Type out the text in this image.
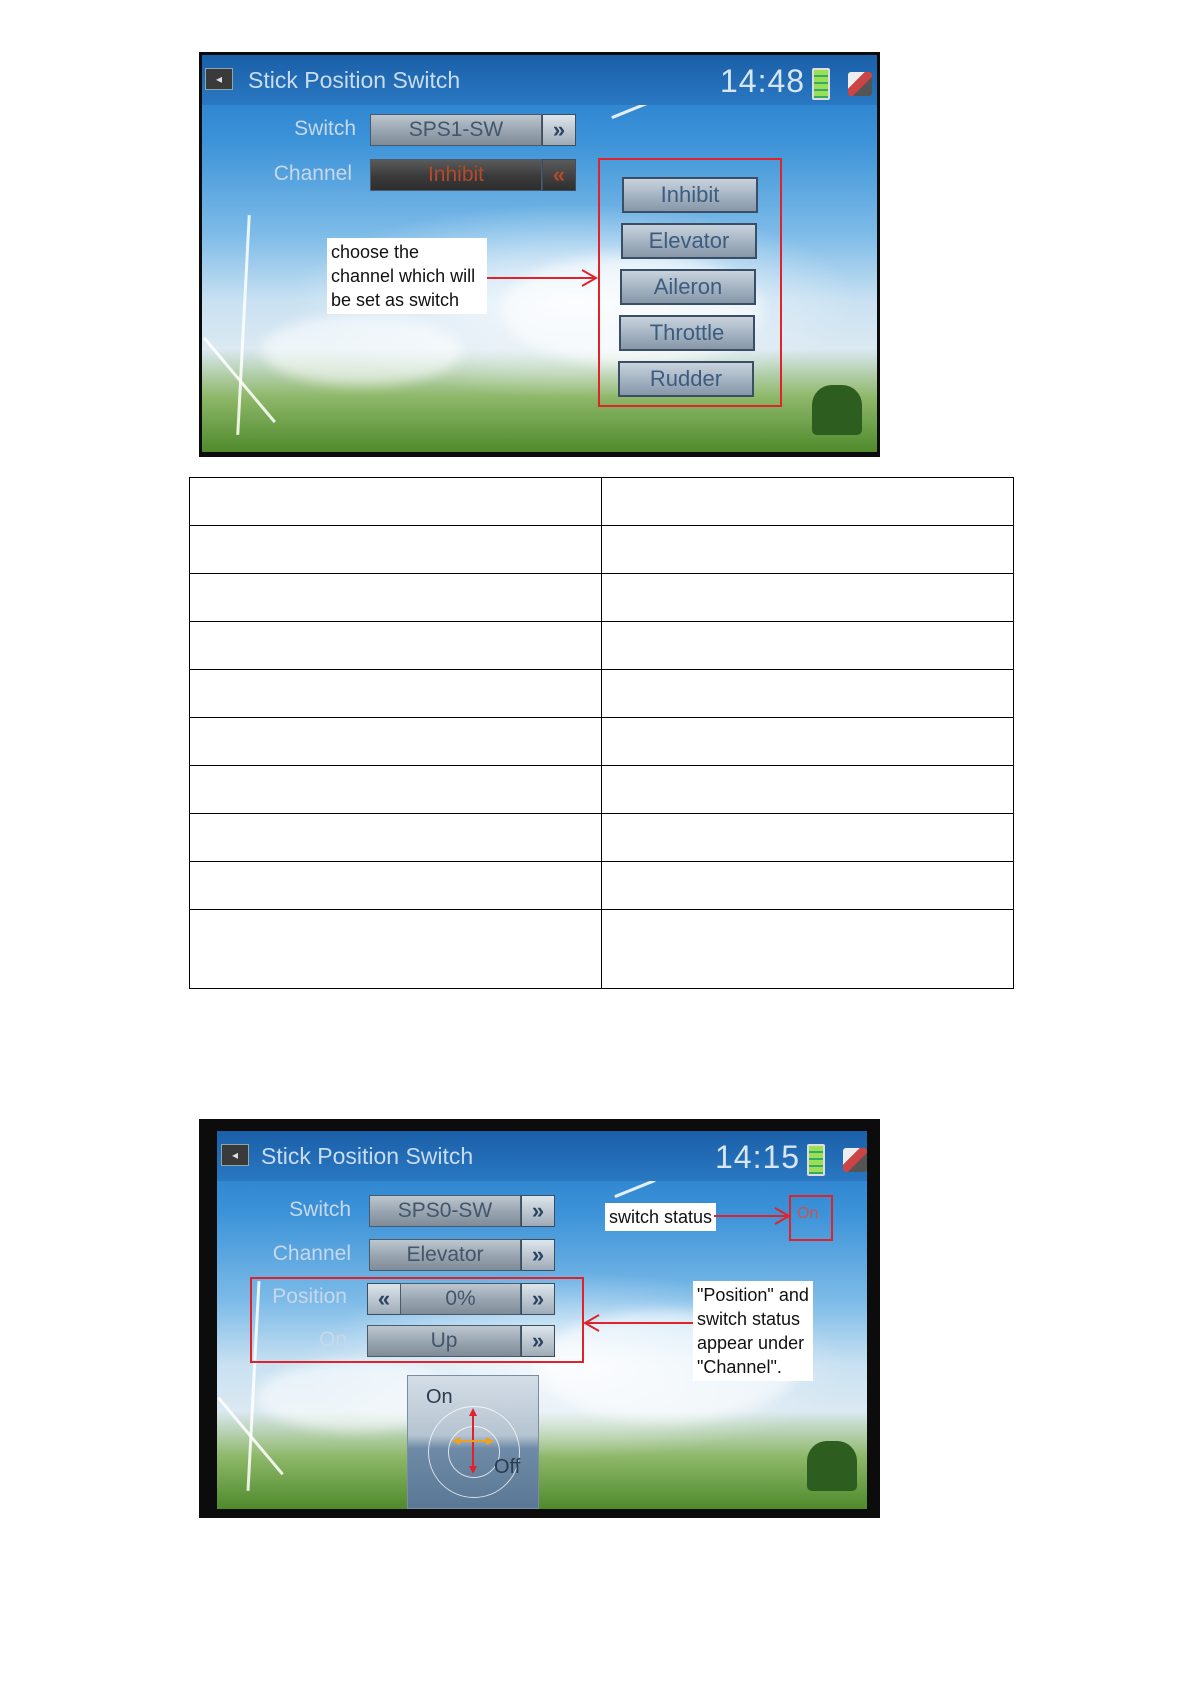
◂	Stick Position Switch	14:48
Switch	SPS1-SW	»
Channel	Inhibit	«
Inhibit
Elevator
Aileron
Throttle
Rudder
choose the channel which will be set as switch

◂ Stick Position Switch	14:15
Switch	SPS0-SW	»
Channel	Elevator	»
Position	«	0%	»
On	Up	»
On
switch status
"Position" and switch status appear under "Channel".
On
Off
